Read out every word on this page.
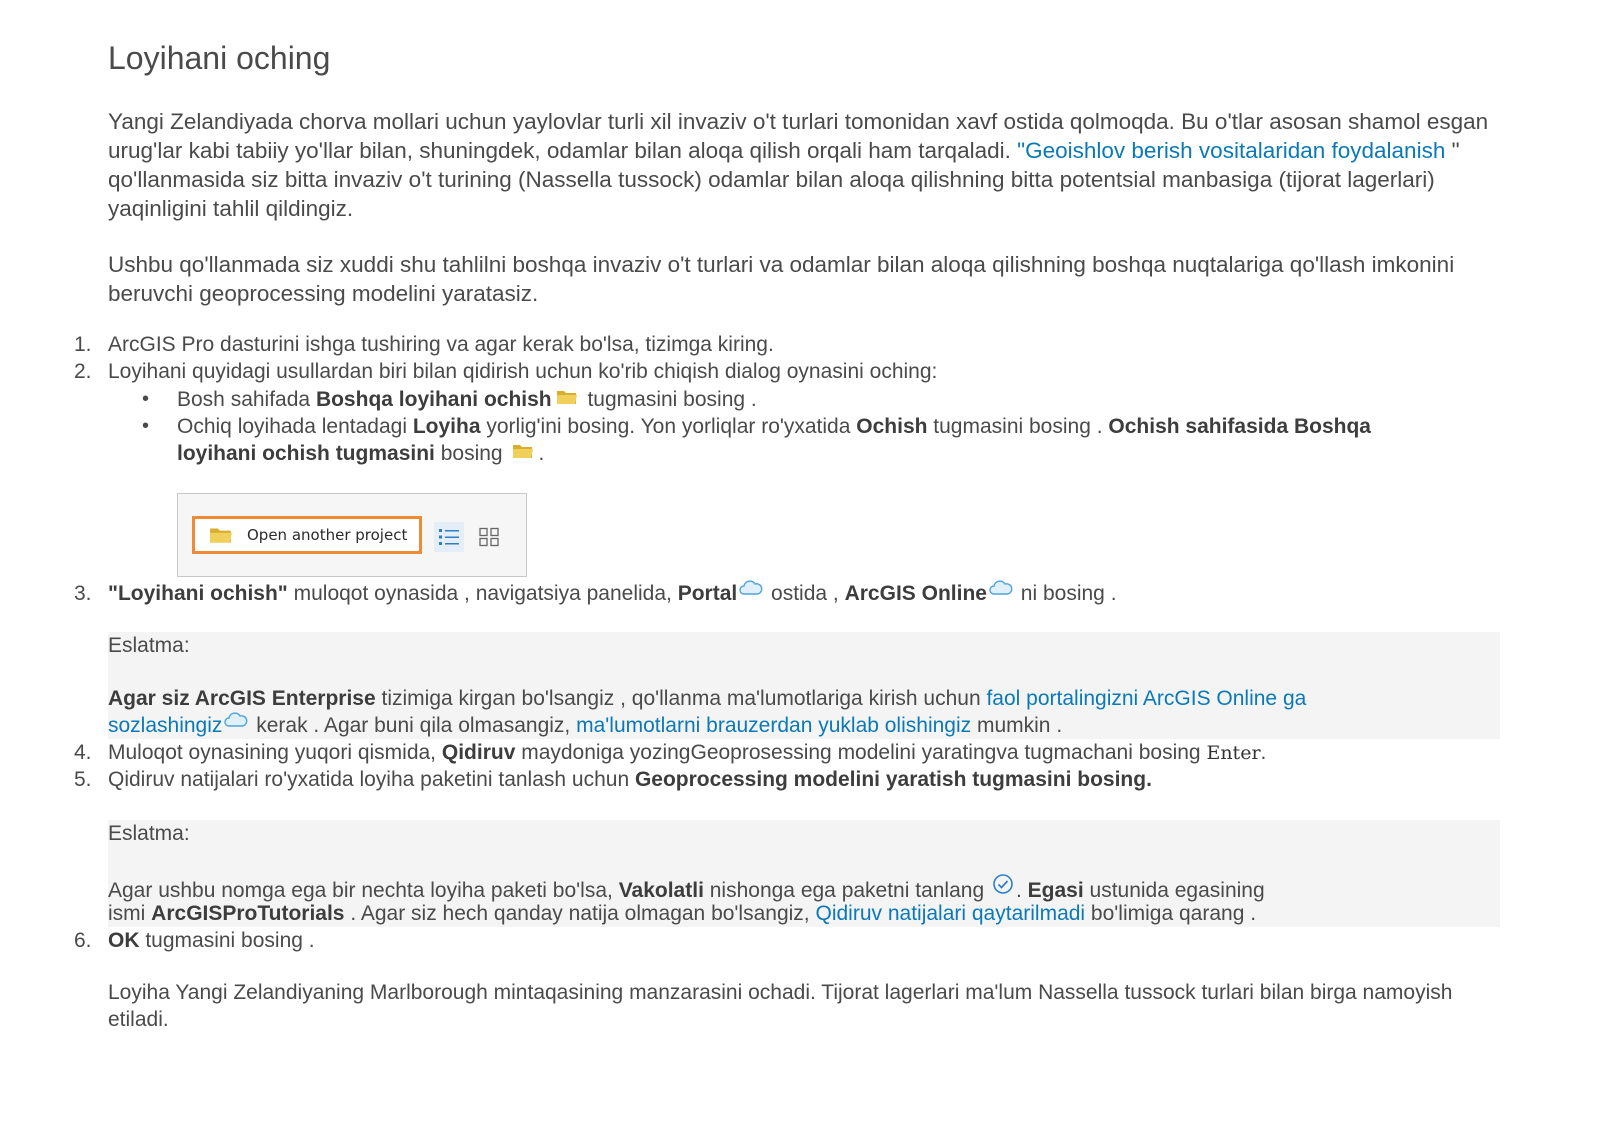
Loyihani oching

Yangi Zelandiyada chorva mollari uchun yaylovlar turli xil invaziv o't turlari tomonidan xavf ostida qolmoqda. Bu o'tlar asosan shamol esgan urug'lar kabi tabiiy yo'llar bilan, shuningdek, odamlar bilan aloqa qilish orqali ham tarqaladi. "Geoishlov berish vositalaridan foydalanish " qo'llanmasida siz bitta invaziv o't turining (Nassella tussock) odamlar bilan aloqa qilishning bitta potentsial manbasiga (tijorat lagerlari) yaqinligini tahlil qildingiz.

Ushbu qo'llanmada siz xuddi shu tahlilni boshqa invaziv o't turlari va odamlar bilan aloqa qilishning boshqa nuqtalariga qo'llash imkonini beruvchi geoprocessing modelini yaratasiz.

1. ArcGIS Pro dasturini ishga tushiring va agar kerak bo'lsa, tizimga kiring.
2. Loyihani quyidagi usullardan biri bilan qidirish uchun ko'rib chiqish dialog oynasini oching:
• Bosh sahifada Boshqa loyihani ochish tugmasini bosing .
• Ochiq loyihada lentadagi Loyiha yorlig'ini bosing. Yon yorliqlar ro'yxatida Ochish tugmasini bosing . Ochish sahifasida Boshqa
loyihani ochish tugmasini bosing .
Open another project
3. "Loyihani ochish" muloqot oynasida , navigatsiya panelida, Portal ostida , ArcGIS Online ni bosing .
Eslatma:
Agar siz ArcGIS Enterprise tizimiga kirgan bo'lsangiz , qo'llanma ma'lumotlariga kirish uchun faol portalingizni ArcGIS Online ga
sozlashingiz kerak . Agar buni qila olmasangiz, ma'lumotlarni brauzerdan yuklab olishingiz mumkin .
4. Muloqot oynasining yuqori qismida, Qidiruv maydoniga yozingGeoprosessing modelini yaratingva tugmachani bosing Enter.
5. Qidiruv natijalari ro'yxatida loyiha paketini tanlash uchun Geoprocessing modelini yaratish tugmasini bosing.
Eslatma:
Agar ushbu nomga ega bir nechta loyiha paketi bo'lsa, Vakolatli nishonga ega paketni tanlang . Egasi ustunida egasining
ismi ArcGISProTutorials . Agar siz hech qanday natija olmagan bo'lsangiz, Qidiruv natijalari qaytarilmadi bo'limiga qarang .
6. OK tugmasini bosing .

Loyiha Yangi Zelandiyaning Marlborough mintaqasining manzarasini ochadi. Tijorat lagerlari ma'lum Nassella tussock turlari bilan birga namoyish etiladi.
